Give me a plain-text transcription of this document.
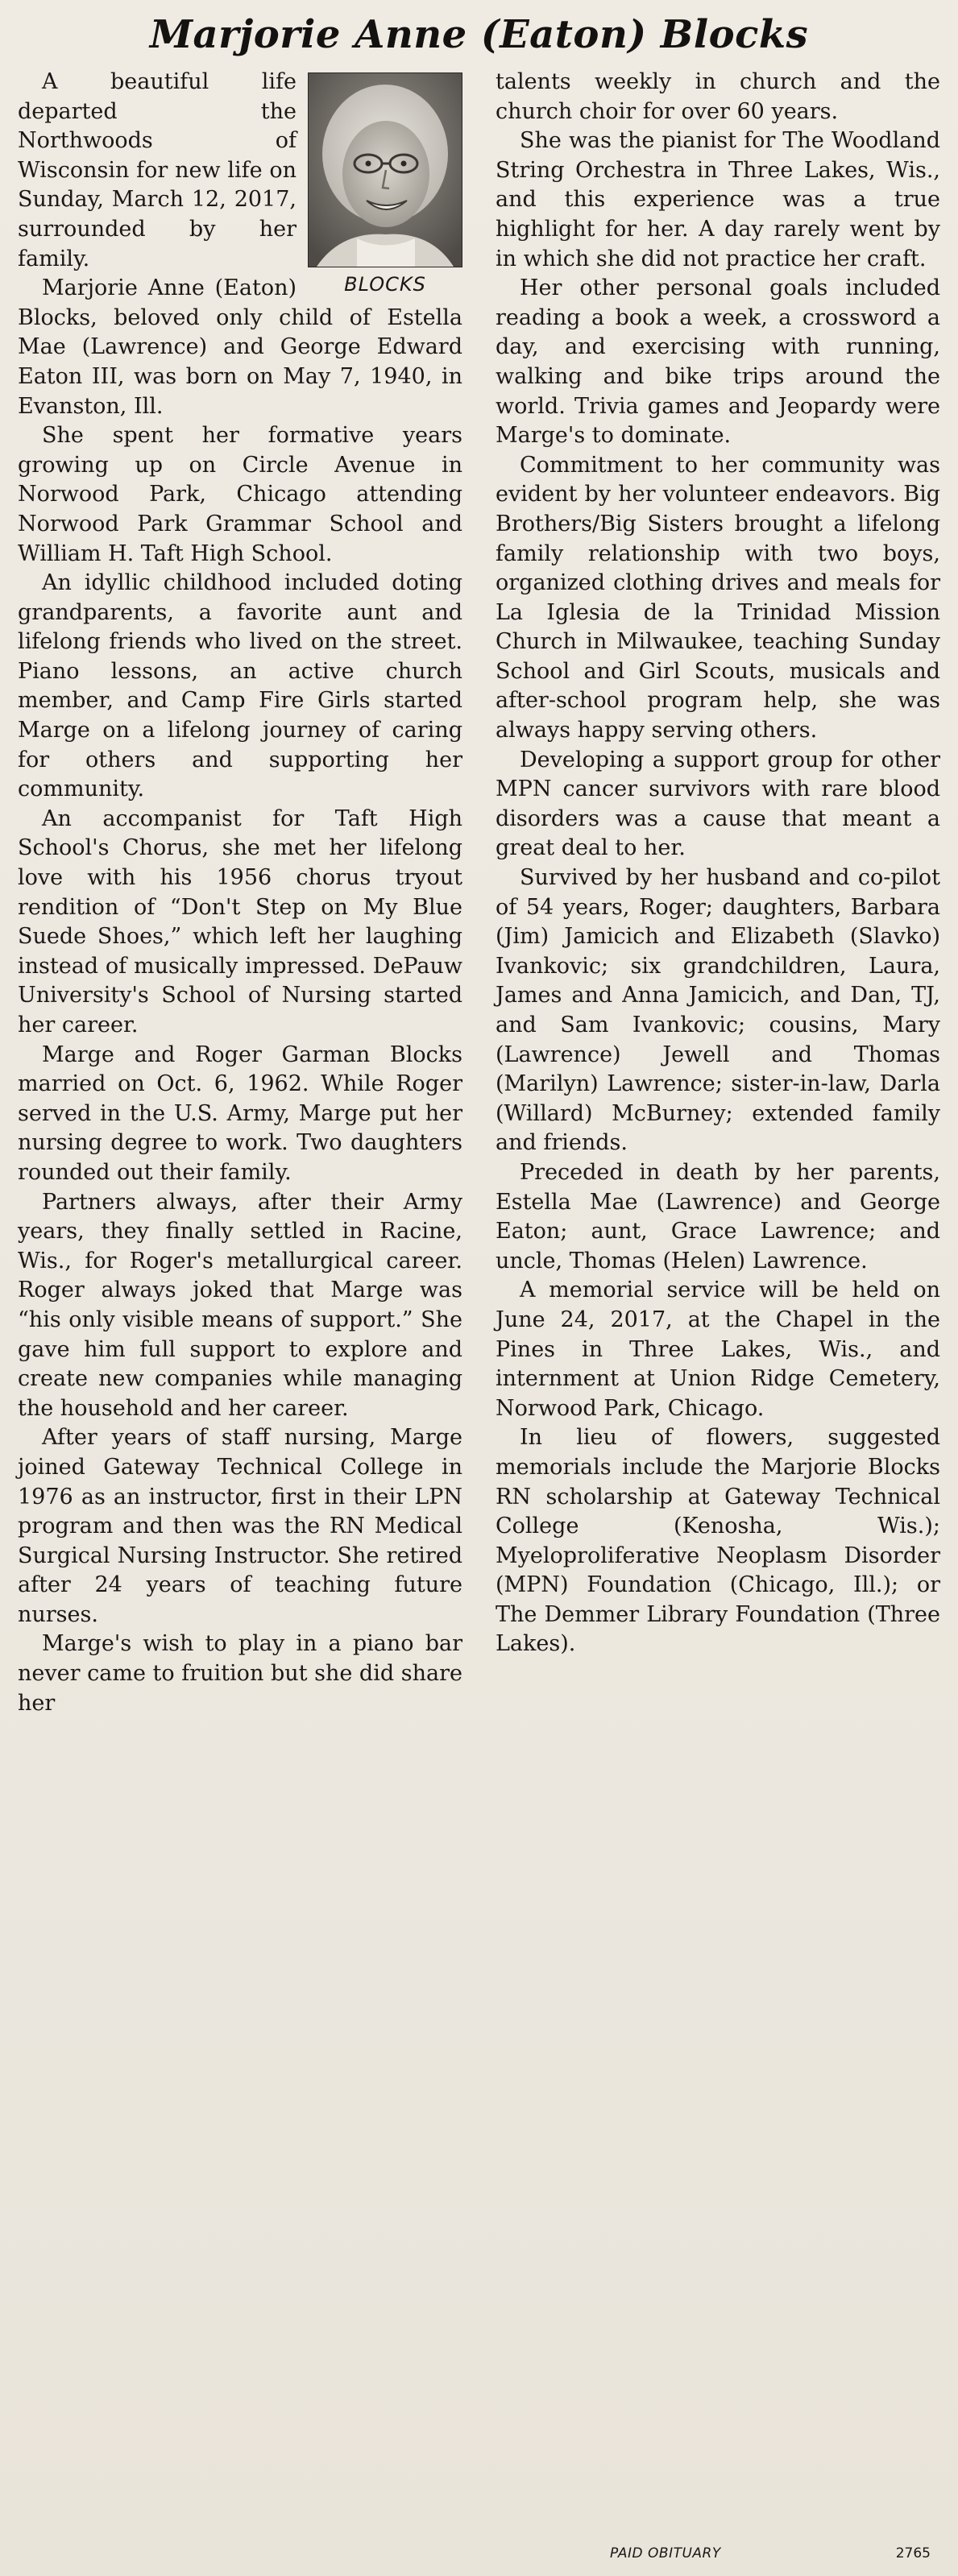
Marjorie Anne (Eaton) Blocks
BLOCKS

A beautiful life departed the Northwoods of Wisconsin for new life on Sunday, March 12, 2017, surrounded by her family.

Marjorie Anne (Eaton) Blocks, beloved only child of Estella Mae (Lawrence) and George Edward Eaton III, was born on May 7, 1940, in Evanston, Ill.

She spent her formative years growing up on Circle Avenue in Norwood Park, Chicago attending Norwood Park Grammar School and William H. Taft High School.

An idyllic childhood included doting grandparents, a favorite aunt and lifelong friends who lived on the street. Piano lessons, an active church member, and Camp Fire Girls started Marge on a lifelong journey of caring for others and supporting her community.

An accompanist for Taft High School's Chorus, she met her lifelong love with his 1956 chorus tryout rendition of “Don't Step on My Blue Suede Shoes,” which left her laughing instead of musically impressed. DePauw University's School of Nursing started her career.

Marge and Roger Garman Blocks married on Oct. 6, 1962. While Roger served in the U.S. Army, Marge put her nursing degree to work. Two daughters rounded out their family.

Partners always, after their Army years, they finally settled in Racine, Wis., for Roger's metallurgical career. Roger always joked that Marge was “his only visible means of support.” She gave him full support to explore and create new companies while managing the household and her career.

After years of staff nursing, Marge joined Gateway Technical College in 1976 as an instructor, first in their LPN program and then was the RN Medical Surgical Nursing Instructor. She retired after 24 years of teaching future nurses.

Marge's wish to play in a piano bar never came to fruition but she did share her

talents weekly in church and the church choir for over 60 years.

She was the pianist for The Woodland String Orchestra in Three Lakes, Wis., and this experience was a true highlight for her. A day rarely went by in which she did not practice her craft.

Her other personal goals included reading a book a week, a crossword a day, and exercising with running, walking and bike trips around the world. Trivia games and Jeopardy were Marge's to dominate.

Commitment to her community was evident by her volunteer endeavors. Big Brothers/Big Sisters brought a lifelong family relationship with two boys, organized clothing drives and meals for La Iglesia de la Trinidad Mission Church in Milwaukee, teaching Sunday School and Girl Scouts, musicals and after-school program help, she was always happy serving others.

Developing a support group for other MPN cancer survivors with rare blood disorders was a cause that meant a great deal to her.

Survived by her husband and co-pilot of 54 years, Roger; daughters, Barbara (Jim) Jamicich and Elizabeth (Slavko) Ivankovic; six grandchildren, Laura, James and Anna Jamicich, and Dan, TJ, and Sam Ivankovic; cousins, Mary (Lawrence) Jewell and Thomas (Marilyn) Lawrence; sister-in-law, Darla (Willard) McBurney; extended family and friends.

Preceded in death by her parents, Estella Mae (Lawrence) and George Eaton; aunt, Grace Lawrence; and uncle, Thomas (Helen) Lawrence.

A memorial service will be held on June 24, 2017, at the Chapel in the Pines in Three Lakes, Wis., and internment at Union Ridge Cemetery, Norwood Park, Chicago.

In lieu of flowers, suggested memorials include the Marjorie Blocks RN scholarship at Gateway Technical College (Kenosha, Wis.); Myeloproliferative Neoplasm Disorder (MPN) Foundation (Chicago, Ill.); or The Demmer Library Foundation (Three Lakes).

PAID OBITUARY	2765
